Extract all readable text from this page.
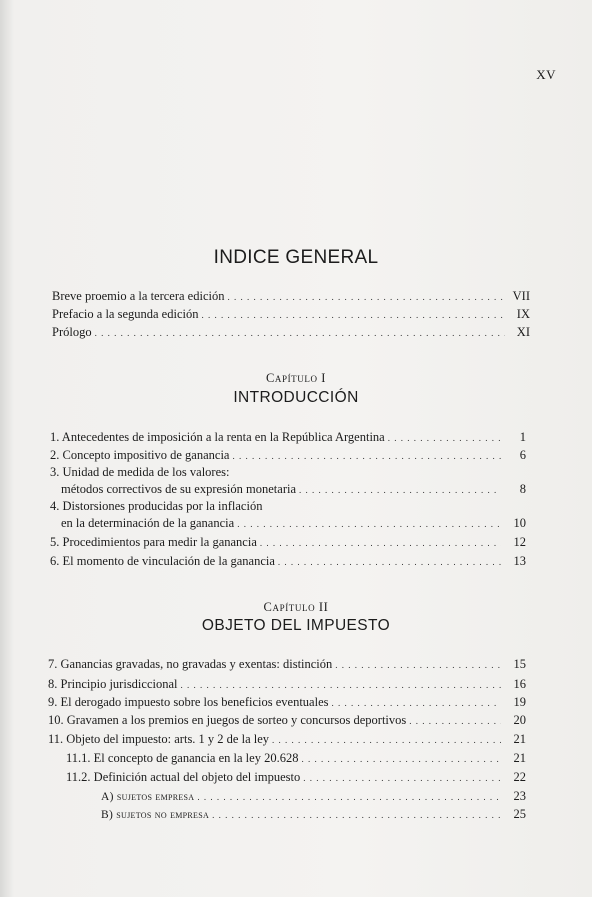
XV
INDICE GENERAL
Breve proemio a la tercera edición . . .	VII
Prefacio a la segunda edición . . .	IX
Prólogo . . .	XI
Capítulo I
INTRODUCCIÓN
1. Antecedentes de imposición a la renta en la República Argentina . . .	1
2. Concepto impositivo de ganancia . . .	6
3. Unidad de medida de los valores:
métodos correctivos de su expresión monetaria . . .	8
4. Distorsiones producidas por la inflación
en la determinación de la ganancia . . .	10
5. Procedimientos para medir la ganancia . . .	12
6. El momento de vinculación de la ganancia . . .	13
Capítulo II
OBJETO DEL IMPUESTO
7. Ganancias gravadas, no gravadas y exentas: distinción . . .	15
8. Principio jurisdiccional . . .	16
9. El derogado impuesto sobre los beneficios eventuales . . .	19
10. Gravamen a los premios en juegos de sorteo y concursos deportivos . . .	20
11. Objeto del impuesto: arts. 1 y 2 de la ley . . .	21
11.1. El concepto de ganancia en la ley 20.628 . . .	21
11.2. Definición actual del objeto del impuesto . . .	22
A) sujetos empresa . . .	23
B) sujetos no empresa . . .	25
